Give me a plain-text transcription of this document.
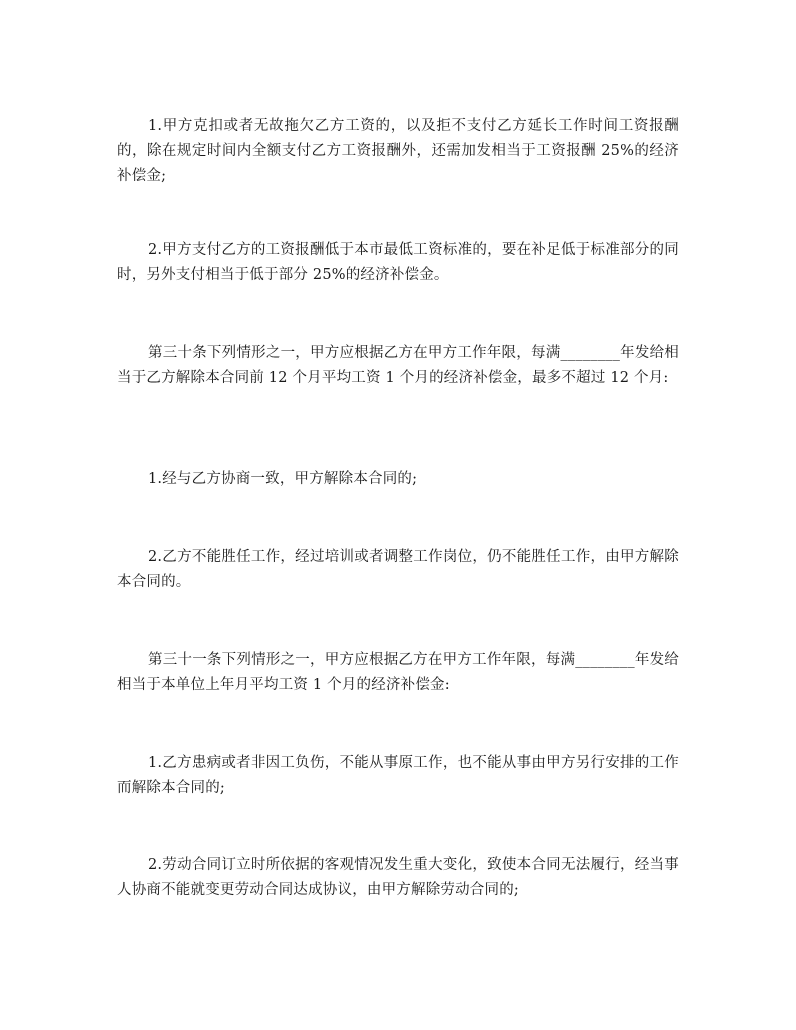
1.甲方克扣或者无故拖欠乙方工资的，以及拒不支付乙方延长工作时间工资报酬的，除在规定时间内全额支付乙方工资报酬外，还需加发相当于工资报酬 25%的经济补偿金;

2.甲方支付乙方的工资报酬低于本市最低工资标准的，要在补足低于标准部分的同时，另外支付相当于低于部分 25%的经济补偿金。

第三十条下列情形之一，甲方应根据乙方在甲方工作年限，每满________年发给相当于乙方解除本合同前 12 个月平均工资 1 个月的经济补偿金，最多不超过 12 个月:

1.经与乙方协商一致，甲方解除本合同的;

2.乙方不能胜任工作，经过培训或者调整工作岗位，仍不能胜任工作，由甲方解除本合同的。

第三十一条下列情形之一，甲方应根据乙方在甲方工作年限，每满________年发给相当于本单位上年月平均工资 1 个月的经济补偿金:

1.乙方患病或者非因工负伤，不能从事原工作，也不能从事由甲方另行安排的工作而解除本合同的;

2.劳动合同订立时所依据的客观情况发生重大变化，致使本合同无法履行，经当事人协商不能就变更劳动合同达成协议，由甲方解除劳动合同的;
